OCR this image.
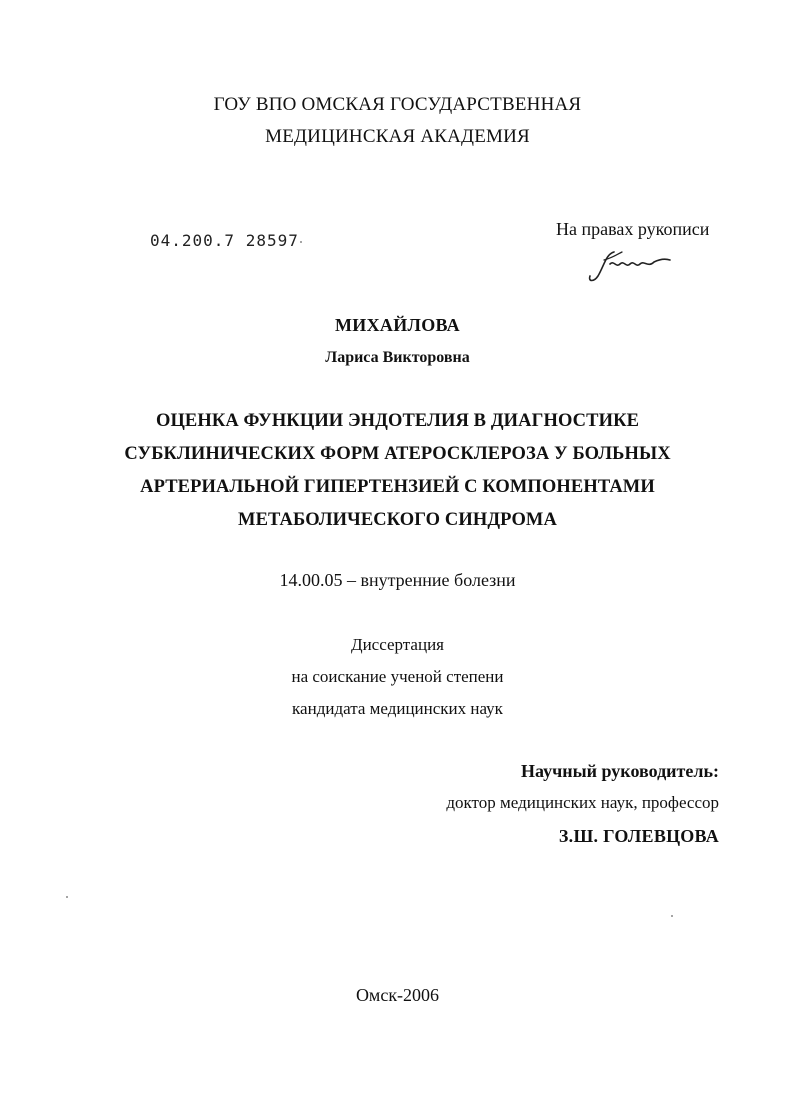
ГОУ ВПО ОМСКАЯ ГОСУДАРСТВЕННАЯ
МЕДИЦИНСКАЯ АКАДЕМИЯ
04.200.7 28597
На правах рукописи
МИХАЙЛОВА
Лариса Викторовна
ОЦЕНКА ФУНКЦИИ ЭНДОТЕЛИЯ В ДИАГНОСТИКЕ
СУБКЛИНИЧЕСКИХ ФОРМ АТЕРОСКЛЕРОЗА У БОЛЬНЫХ
АРТЕРИАЛЬНОЙ ГИПЕРТЕНЗИЕЙ С КОМПОНЕНТАМИ
МЕТАБОЛИЧЕСКОГО СИНДРОМА
14.00.05 – внутренние болезни
Диссертация
на соискание ученой степени
кандидата медицинских наук
Научный руководитель:
доктор медицинских наук, профессор
З.Ш. ГОЛЕВЦОВА
Омск-2006
